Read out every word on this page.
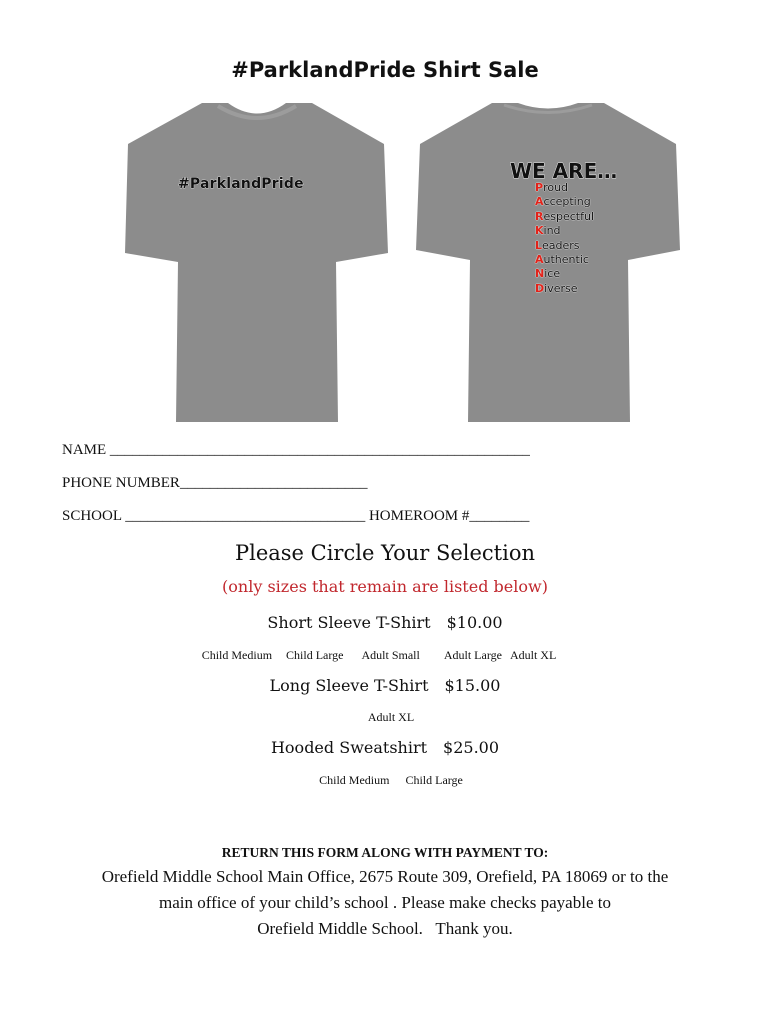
#ParklandPride Shirt Sale
#ParklandPride
WE ARE…
Proud
Accepting
Respectful
Kind
Leaders
Authentic
Nice
Diverse
NAME ________________________________________________________
PHONE NUMBER_________________________
SCHOOL ________________________________ HOMEROOM #________
Please Circle Your Selection
(only sizes that remain are listed below)
Short Sleeve T-Shirt $10.00
Child Medium Child Large Adult Small Adult Large Adult XL
Long Sleeve T-Shirt $15.00
Adult XL
Hooded Sweatshirt $25.00
Child Medium Child Large
RETURN THIS FORM ALONG WITH PAYMENT TO:
Orefield Middle School Main Office, 2675 Route 309, Orefield, PA 18069 or to the
main office of your child’s school . Please make checks payable to
Orefield Middle School.   Thank you.
